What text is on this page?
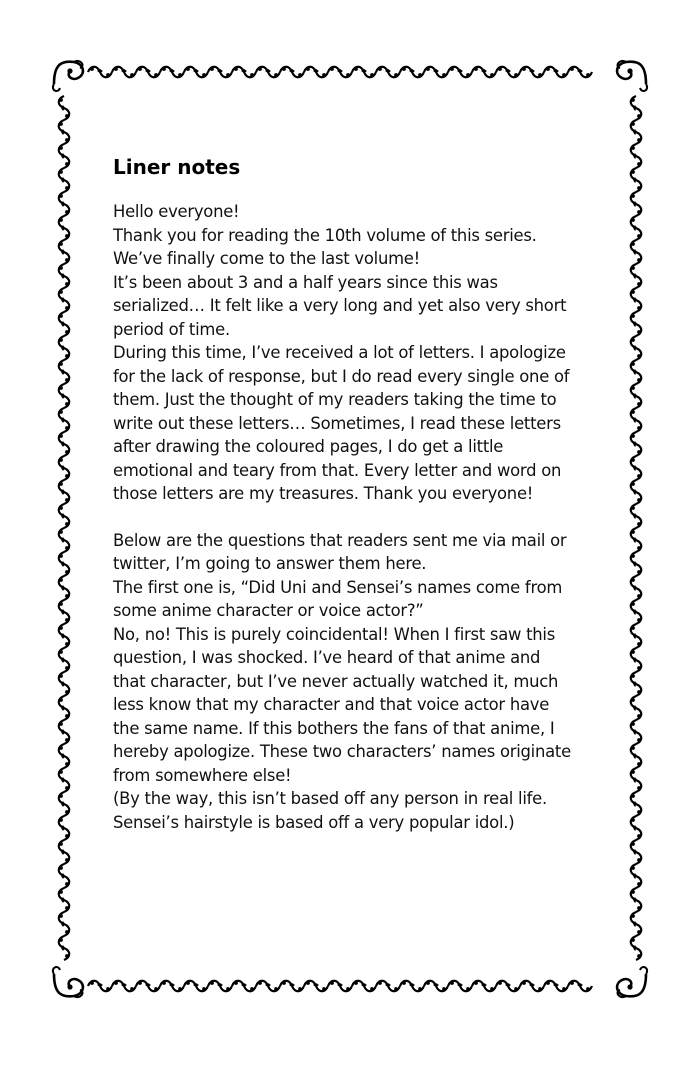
Liner notes

Hello everyone!
Thank you for reading the 10th volume of this series.
We’ve finally come to the last volume!
It’s been about 3 and a half years since this was
serialized… It felt like a very long and yet also very short
period of time.
During this time, I’ve received a lot of letters. I apologize
for the lack of response, but I do read every single one of
them. Just the thought of my readers taking the time to
write out these letters… Sometimes, I read these letters
after drawing the coloured pages, I do get a little
emotional and teary from that. Every letter and word on
those letters are my treasures. Thank you everyone!

Below are the questions that readers sent me via mail or
twitter, I’m going to answer them here.
The first one is, “Did Uni and Sensei’s names come from
some anime character or voice actor?”
No, no! This is purely coincidental! When I first saw this
question, I was shocked. I’ve heard of that anime and
that character, but I’ve never actually watched it, much
less know that my character and that voice actor have
the same name. If this bothers the fans of that anime, I
hereby apologize. These two characters’ names originate
from somewhere else!
(By the way, this isn’t based off any person in real life.
Sensei’s hairstyle is based off a very popular idol.)
